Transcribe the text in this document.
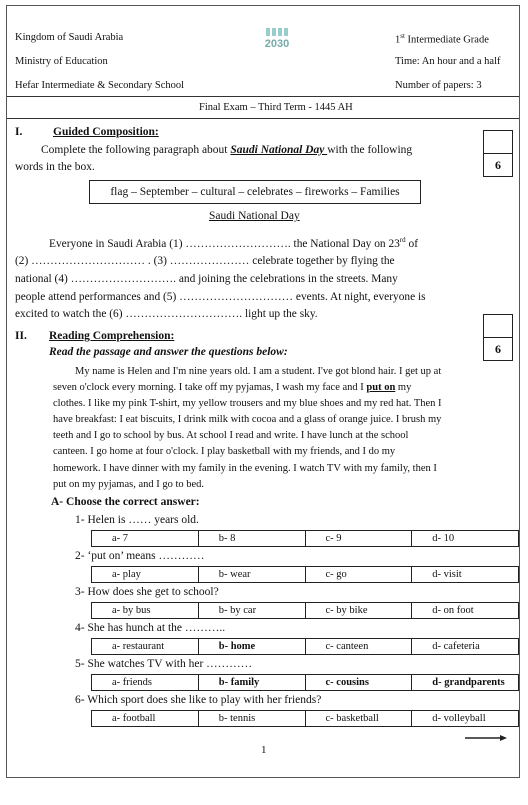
Kingdom of Saudi Arabia
Ministry of Education
Hefar Intermediate & Secondary School
2030	1st Intermediate Grade
Time: An hour and a half
Number of papers: 3
Final Exam – Third Term - 1445 AH
I.	Guided Composition:
6
Complete the following paragraph about Saudi National Day with the following
words in the box.
flag – September – cultural – celebrates – fireworks – Families
Saudi National Day

Everyone in Saudi Arabia (1) ………………………. the National Day on 23rd of

(2) ………………………… . (3) ………………… celebrate together by flying the

national (4) ………………………. and joining the celebrations in the streets. Many

people attend performances and (5) ………………………… events. At night, everyone is

excited to watch the (6) …………………………. light up the sky.

II. Reading Comprehension:
6
Read the passage and answer the questions below:

My name is Helen and I'm nine years old. I am a student. I've got blond hair. I get up at

seven o'clock every morning. I take off my pyjamas, I wash my face and I put on my

clothes. I like my pink T-shirt, my yellow trousers and my blue shoes and my red hat. Then I

have breakfast: I eat biscuits, I drink milk with cocoa and a glass of orange juice. I brush my

teeth and I go to school by bus. At school I read and write. I have lunch at the school

canteen. I go home at four o'clock. I play basketball with my friends, and I do my

homework. I have dinner with my family in the evening. I watch TV with my family, then I

put on my pyjamas, and I go to bed.

A- Choose the correct answer:
1- Helen is …… years old.
a- 7	b- 8	c- 9	d- 10
2- ‘put on’ means …………
a- play	b- wear	c- go	d- visit
3- How does she get to school?
a- by bus	b- by car	c- by bike	d- on foot
4- She has hunch at the ………..
a- restaurant	b- home	c- canteen	d- cafeteria
5- She watches TV with her …………
a- friends	b- family	c- cousins	d- grandparents
6- Which sport does she like to play with her friends?
a- football	b- tennis	c- basketball	d- volleyball
1
